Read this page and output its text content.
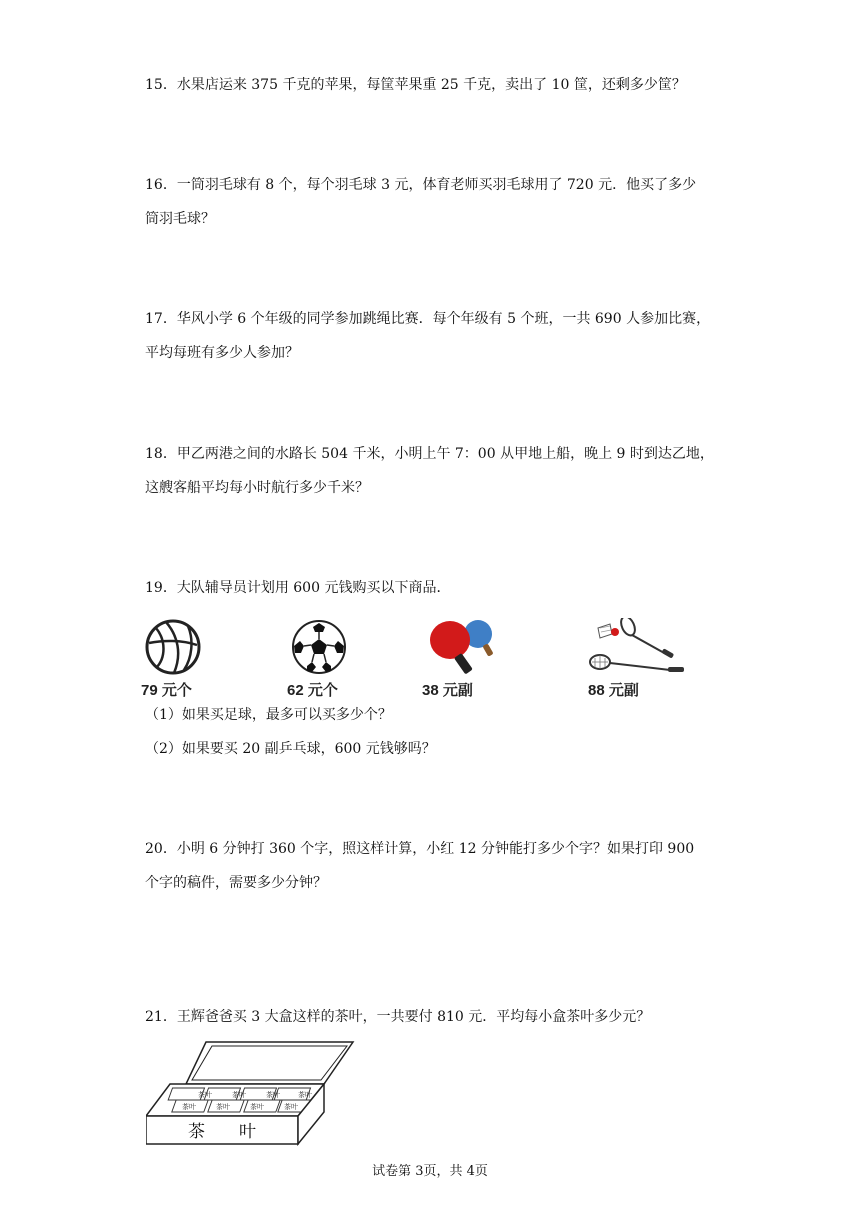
15．水果店运来 375 千克的苹果，每筐苹果重 25 千克，卖出了 10 筐，还剩多少筐？

16．一筒羽毛球有 8 个，每个羽毛球 3 元，体育老师买羽毛球用了 720 元．他买了多少

筒羽毛球？

17．华风小学 6 个年级的同学参加跳绳比赛．每个年级有 5 个班，一共 690 人参加比赛，

平均每班有多少人参加？

18．甲乙两港之间的水路长 504 千米，小明上午 7：00 从甲地上船，晚上 9 时到达乙地，

这艘客船平均每小时航行多少千米？

19．大队辅导员计划用 600 元钱购买以下商品．

79 元个	62 元个	38 元副	88 元副
（1）如果买足球，最多可以买多少个？
（2）如果要买 20 副乒乓球，600 元钱够吗？

20．小明 6 分钟打 360 个字，照这样计算，小红 12 分钟能打多少个字？如果打印 900

个字的稿件，需要多少分钟？

21．王辉爸爸买 3 大盒这样的茶叶，一共要付 810 元．平均每小盒茶叶多少元？

茶叶	茶叶	茶叶	茶叶
茶叶	茶叶	茶叶	茶叶
茶　　叶
试卷第 3页，共 4页
